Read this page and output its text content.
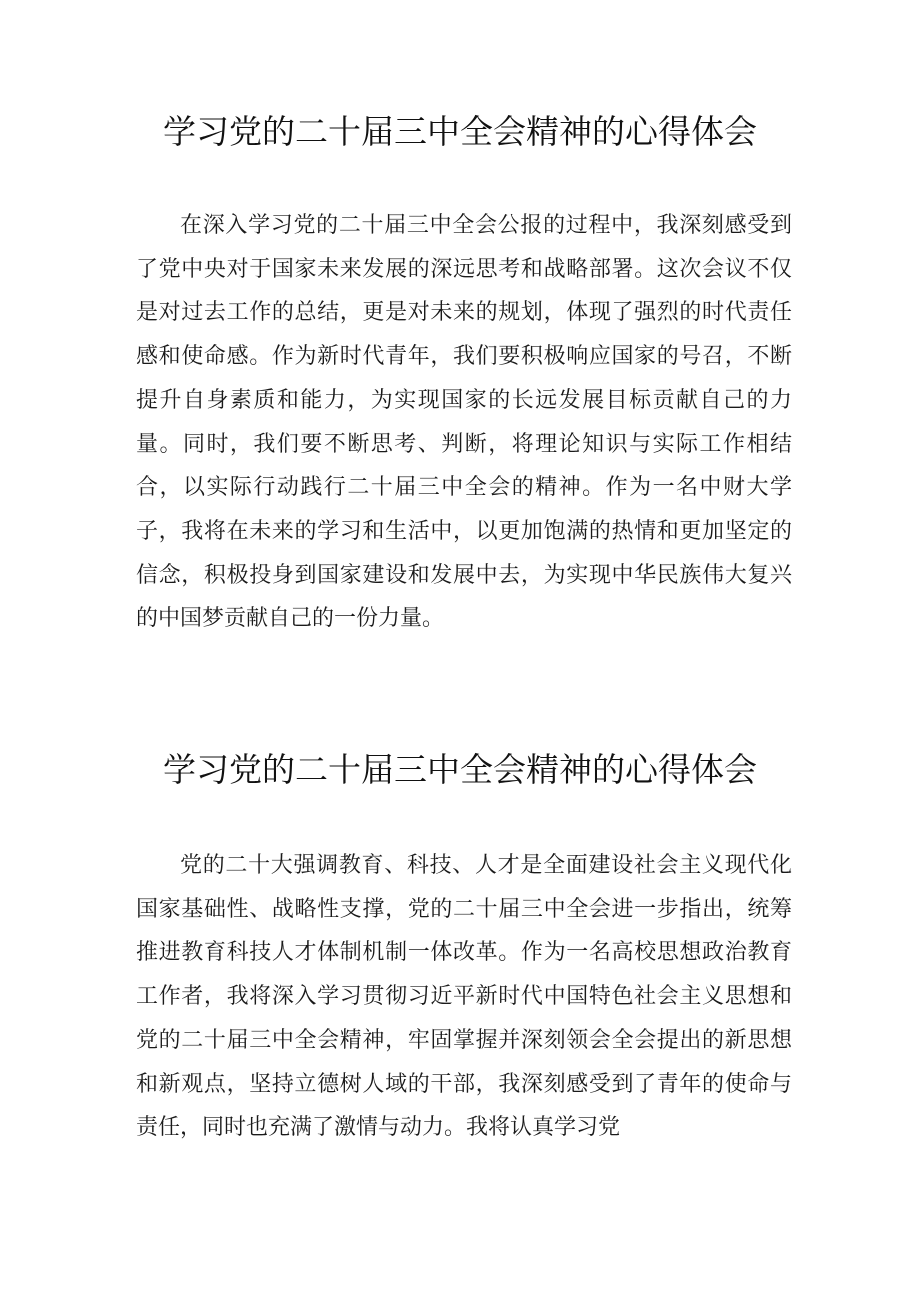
学习党的二十届三中全会精神的心得体会

在深入学习党的二十届三中全会公报的过程中，我深刻感受到了党中央对于国家未来发展的深远思考和战略部署。这次会议不仅是对过去工作的总结，更是对未来的规划，体现了强烈的时代责任感和使命感。作为新时代青年，我们要积极响应国家的号召，不断提升自身素质和能力，为实现国家的长远发展目标贡献自己的力量。同时，我们要不断思考、判断，将理论知识与实际工作相结合，以实际行动践行二十届三中全会的精神。作为一名中财大学子，我将在未来的学习和生活中，以更加饱满的热情和更加坚定的信念，积极投身到国家建设和发展中去，为实现中华民族伟大复兴的中国梦贡献自己的一份力量。

学习党的二十届三中全会精神的心得体会

党的二十大强调教育、科技、人才是全面建设社会主义现代化国家基础性、战略性支撑，党的二十届三中全会进一步指出，统筹推进教育科技人才体制机制一体改革。作为一名高校思想政治教育工作者，我将深入学习贯彻习近平新时代中国特色社会主义思想和党的二十届三中全会精神，牢固掌握并深刻领会全会提出的新思想和新观点，坚持立德树人域的干部，我深刻感受到了青年的使命与责任，同时也充满了激情与动力。我将认真学习党
